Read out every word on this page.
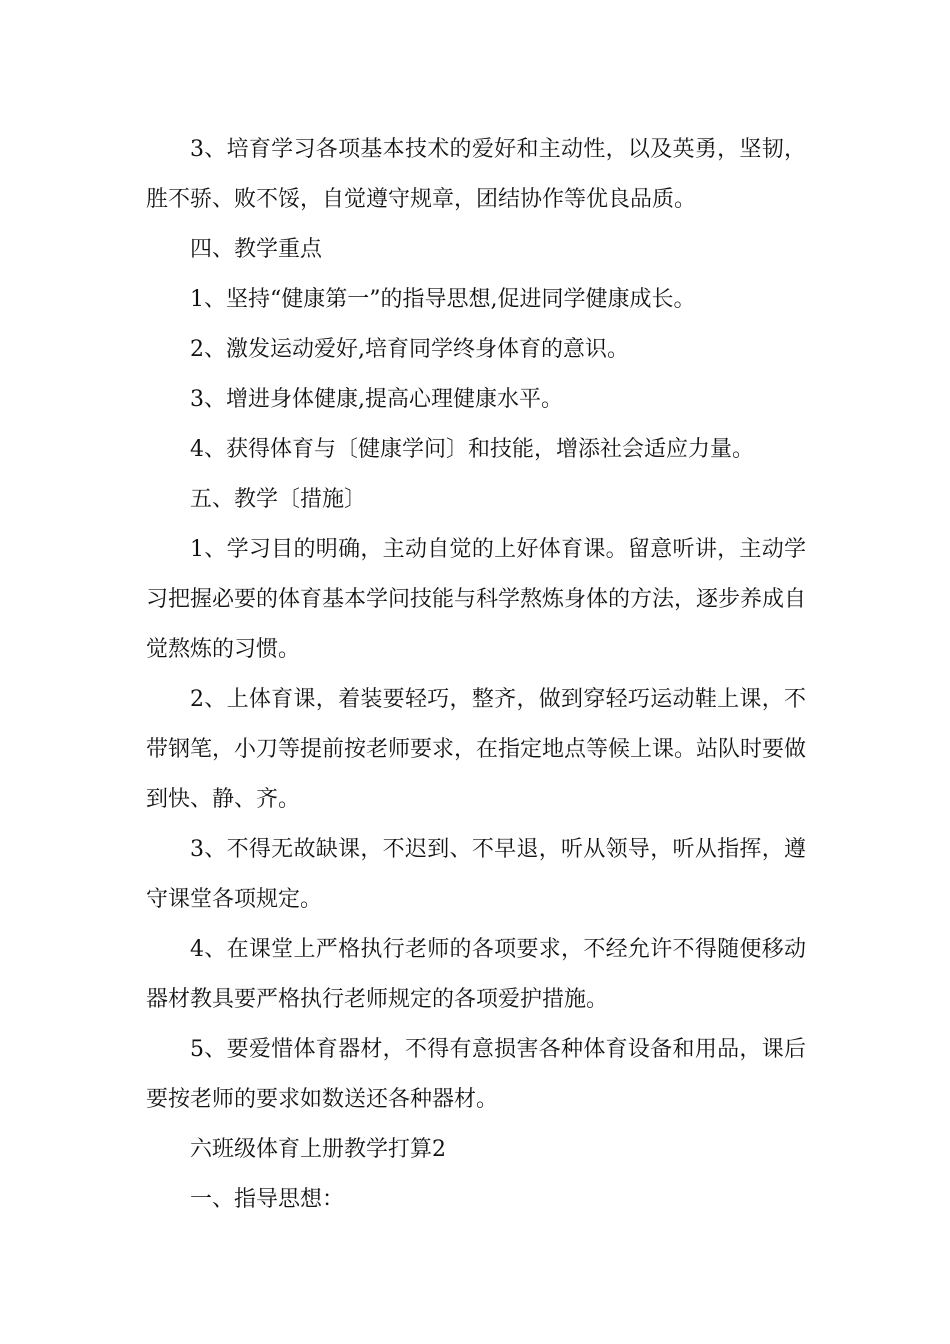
3、培育学习各项基本技术的爱好和主动性，以及英勇，坚韧，胜不骄、败不馁，自觉遵守规章，团结协作等优良品质。

四、教学重点

1、坚持“健康第一”的指导思想,促进同学健康成长。

2、激发运动爱好,培育同学终身体育的意识。

3、增进身体健康,提高心理健康水平。

4、获得体育与〔健康学问〕和技能，增添社会适应力量。

五、教学〔措施〕

1、学习目的明确，主动自觉的上好体育课。留意听讲，主动学习把握必要的体育基本学问技能与科学熬炼身体的方法，逐步养成自觉熬炼的习惯。

2、上体育课，着装要轻巧，整齐，做到穿轻巧运动鞋上课，不带钢笔，小刀等提前按老师要求，在指定地点等候上课。站队时要做到快、静、齐。

3、不得无故缺课，不迟到、不早退，听从领导，听从指挥，遵守课堂各项规定。

4、在课堂上严格执行老师的各项要求，不经允许不得随便移动器材教具要严格执行老师规定的各项爱护措施。

5、要爱惜体育器材，不得有意损害各种体育设备和用品，课后要按老师的要求如数送还各种器材。

六班级体育上册教学打算2

一、指导思想：
